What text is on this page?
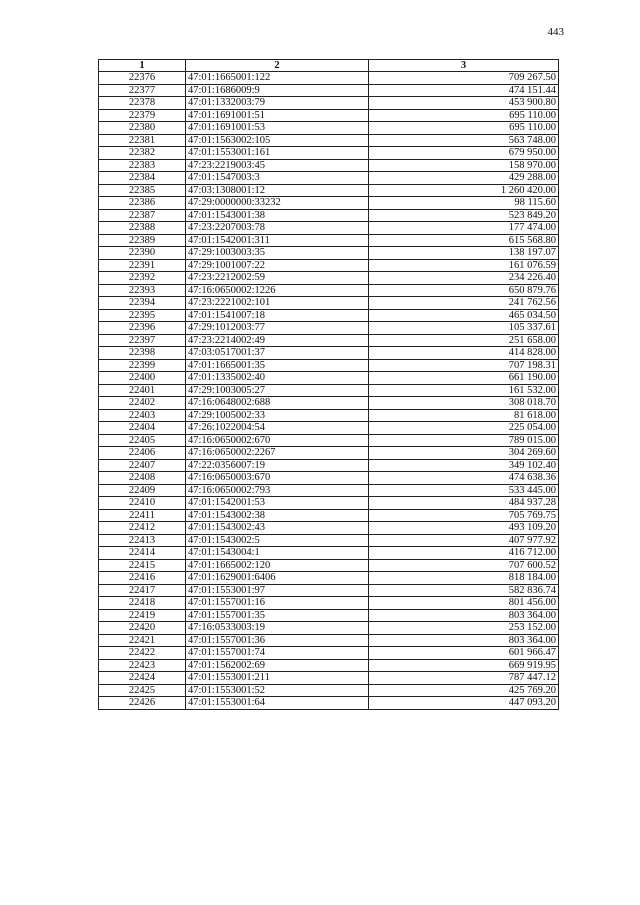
443
1	2	3
22376	47:01:1665001:122	709 267.50
22377	47:01:1686009:9	474 151.44
22378	47:01:1332003:79	453 900.80
22379	47:01:1691001:51	695 110.00
22380	47:01:1691001:53	695 110.00
22381	47:01:1563002:105	563 748.00
22382	47:01:1553001:161	679 950.00
22383	47:23:2219003:45	158 970.00
22384	47:01:1547003:3	429 288.00
22385	47:03:1308001:12	1 260 420.00
22386	47:29:0000000:33232	98 115.60
22387	47:01:1543001:38	523 849.20
22388	47:23:2207003:78	177 474.00
22389	47:01:1542001:311	615 568.80
22390	47:29:1003003:35	138 197.07
22391	47:29:1001007:22	161 076.59
22392	47:23:2212002:59	234 226.40
22393	47:16:0650002:1226	650 879.76
22394	47:23:2221002:101	241 762.56
22395	47:01:1541007:18	465 034.50
22396	47:29:1012003:77	105 337.61
22397	47:23:2214002:49	251 658.00
22398	47:03:0517001:37	414 828.00
22399	47:01:1665001:35	707 198.31
22400	47:01:1335002:40	661 190.00
22401	47:29:1003005:27	161 532.00
22402	47:16:0648002:688	308 018.70
22403	47:29:1005002:33	81 618.00
22404	47:26:1022004:54	225 054.00
22405	47:16:0650002:670	789 015.00
22406	47:16:0650002:2267	304 269.60
22407	47:22:0356007:19	349 102.40
22408	47:16:0650003:670	474 638.36
22409	47:16:0650002:793	533 445.00
22410	47:01:1542001:53	484 937.28
22411	47:01:1543002:38	705 769.75
22412	47:01:1543002:43	493 109.20
22413	47:01:1543002:5	407 977.92
22414	47:01:1543004:1	416 712.00
22415	47:01:1665002:120	707 600.52
22416	47:01:1629001:6406	818 184.00
22417	47:01:1553001:97	582 836.74
22418	47:01:1557001:16	801 456.00
22419	47:01:1557001:35	803 364.00
22420	47:16:0533003:19	253 152.00
22421	47:01:1557001:36	803 364.00
22422	47:01:1557001:74	601 966.47
22423	47:01:1562002:69	669 919.95
22424	47:01:1553001:211	787 447.12
22425	47:01:1553001:52	425 769.20
22426	47:01:1553001:64	447 093.20
